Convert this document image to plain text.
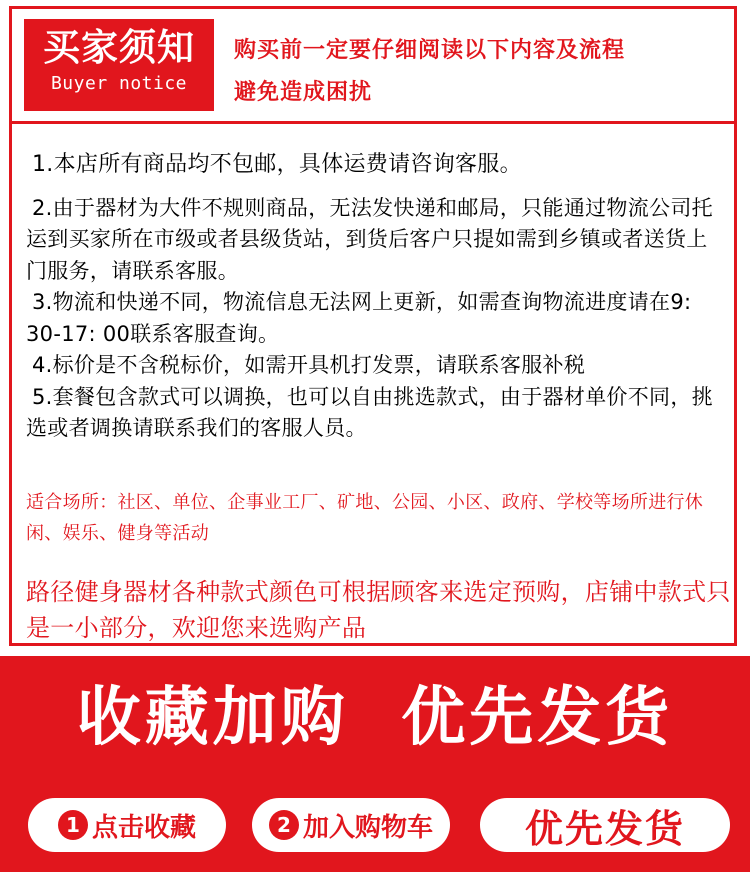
买家须知
Buyer notice
购买前一定要仔细阅读以下内容及流程
避免造成困扰

1.本店所有商品均不包邮，具体运费请咨询客服。

2.由于器材为大件不规则商品，无法发快递和邮局，只能通过物流公司托运到买家所在市级或者县级货站，到货后客户只提如需到乡镇或者送货上门服务，请联系客服。

3.物流和快递不同，物流信息无法网上更新，如需查询物流进度请在9: 30-17: 00联系客服查询。

4.标价是不含税标价，如需开具机打发票，请联系客服补税

5.套餐包含款式可以调换，也可以自由挑选款式，由于器材单价不同，挑选或者调换请联系我们的客服人员。

适合场所：社区、单位、企事业工厂、矿地、公园、小区、政府、学校等场所进行休闲、娱乐、健身等活动

路径健身器材各种款式颜色可根据顾客来选定预购，店铺中款式只是一小部分，欢迎您来选购产品

收藏加购  优先发货
1 点击收藏	2 加入购物车 优先发货
